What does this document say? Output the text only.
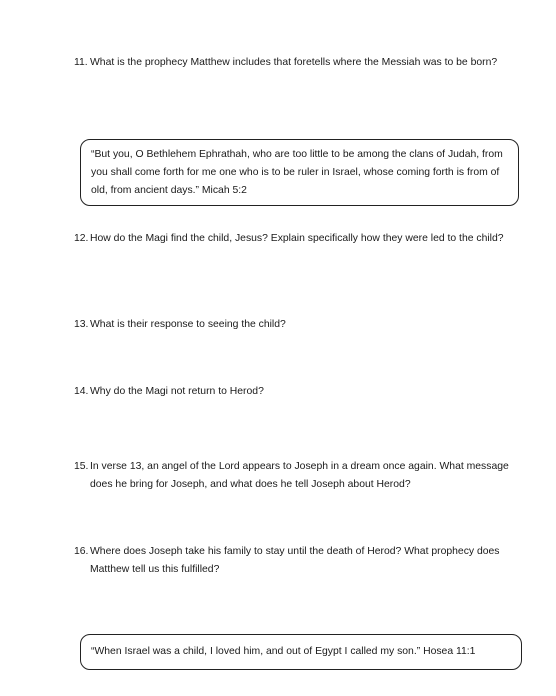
11. What is the prophecy Matthew includes that foretells where the Messiah was to be born?
“But you, O Bethlehem Ephrathah, who are too little to be among the clans of Judah, from you shall come forth for me one who is to be ruler in Israel, whose coming forth is from of old, from ancient days.” Micah 5:2
12. How do the Magi find the child, Jesus? Explain specifically how they were led to the child?
13. What is their response to seeing the child?
14. Why do the Magi not return to Herod?
15. In verse 13, an angel of the Lord appears to Joseph in a dream once again. What message does he bring for Joseph, and what does he tell Joseph about Herod?
16. Where does Joseph take his family to stay until the death of Herod? What prophecy does Matthew tell us this fulfilled?
“When Israel was a child, I loved him, and out of Egypt I called my son.” Hosea 11:1
